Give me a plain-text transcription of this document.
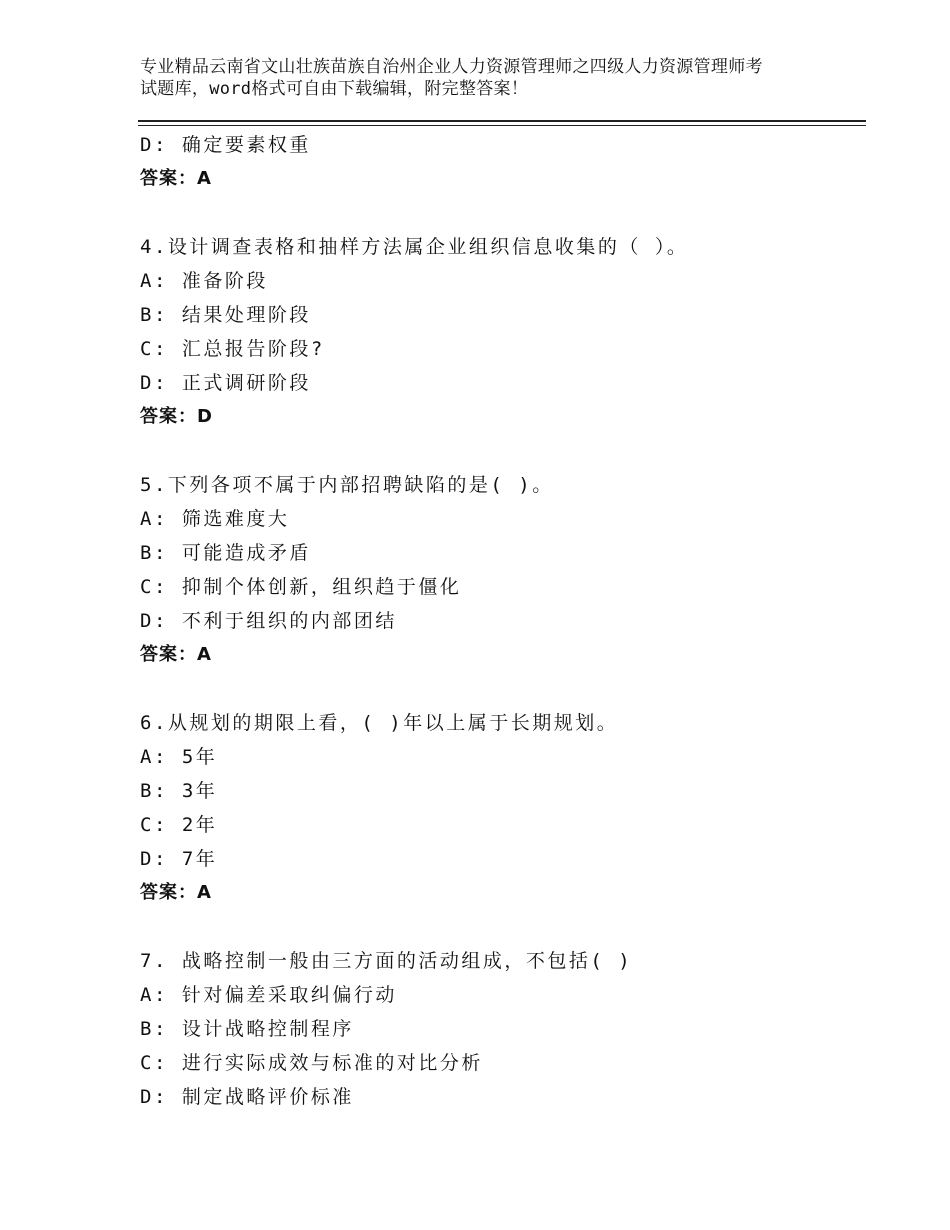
专业精品云南省文山壮族苗族自治州企业人力资源管理师之四级人力资源管理师考
试题库，word格式可自由下载编辑，附完整答案！
D: 确定要素权重
答案：A
4.设计调查表格和抽样方法属企业组织信息收集的（ ）。
A: 准备阶段
B: 结果处理阶段
C: 汇总报告阶段?
D: 正式调研阶段
答案：D
5.下列各项不属于内部招聘缺陷的是( )。
A: 筛选难度大
B: 可能造成矛盾
C: 抑制个体创新，组织趋于僵化
D: 不利于组织的内部团结
答案：A
6.从规划的期限上看，( )年以上属于长期规划。
A: 5年
B: 3年
C: 2年
D: 7年
答案：A
7. 战略控制一般由三方面的活动组成，不包括( )
A: 针对偏差采取纠偏行动
B: 设计战略控制程序
C: 进行实际成效与标准的对比分析
D: 制定战略评价标准
